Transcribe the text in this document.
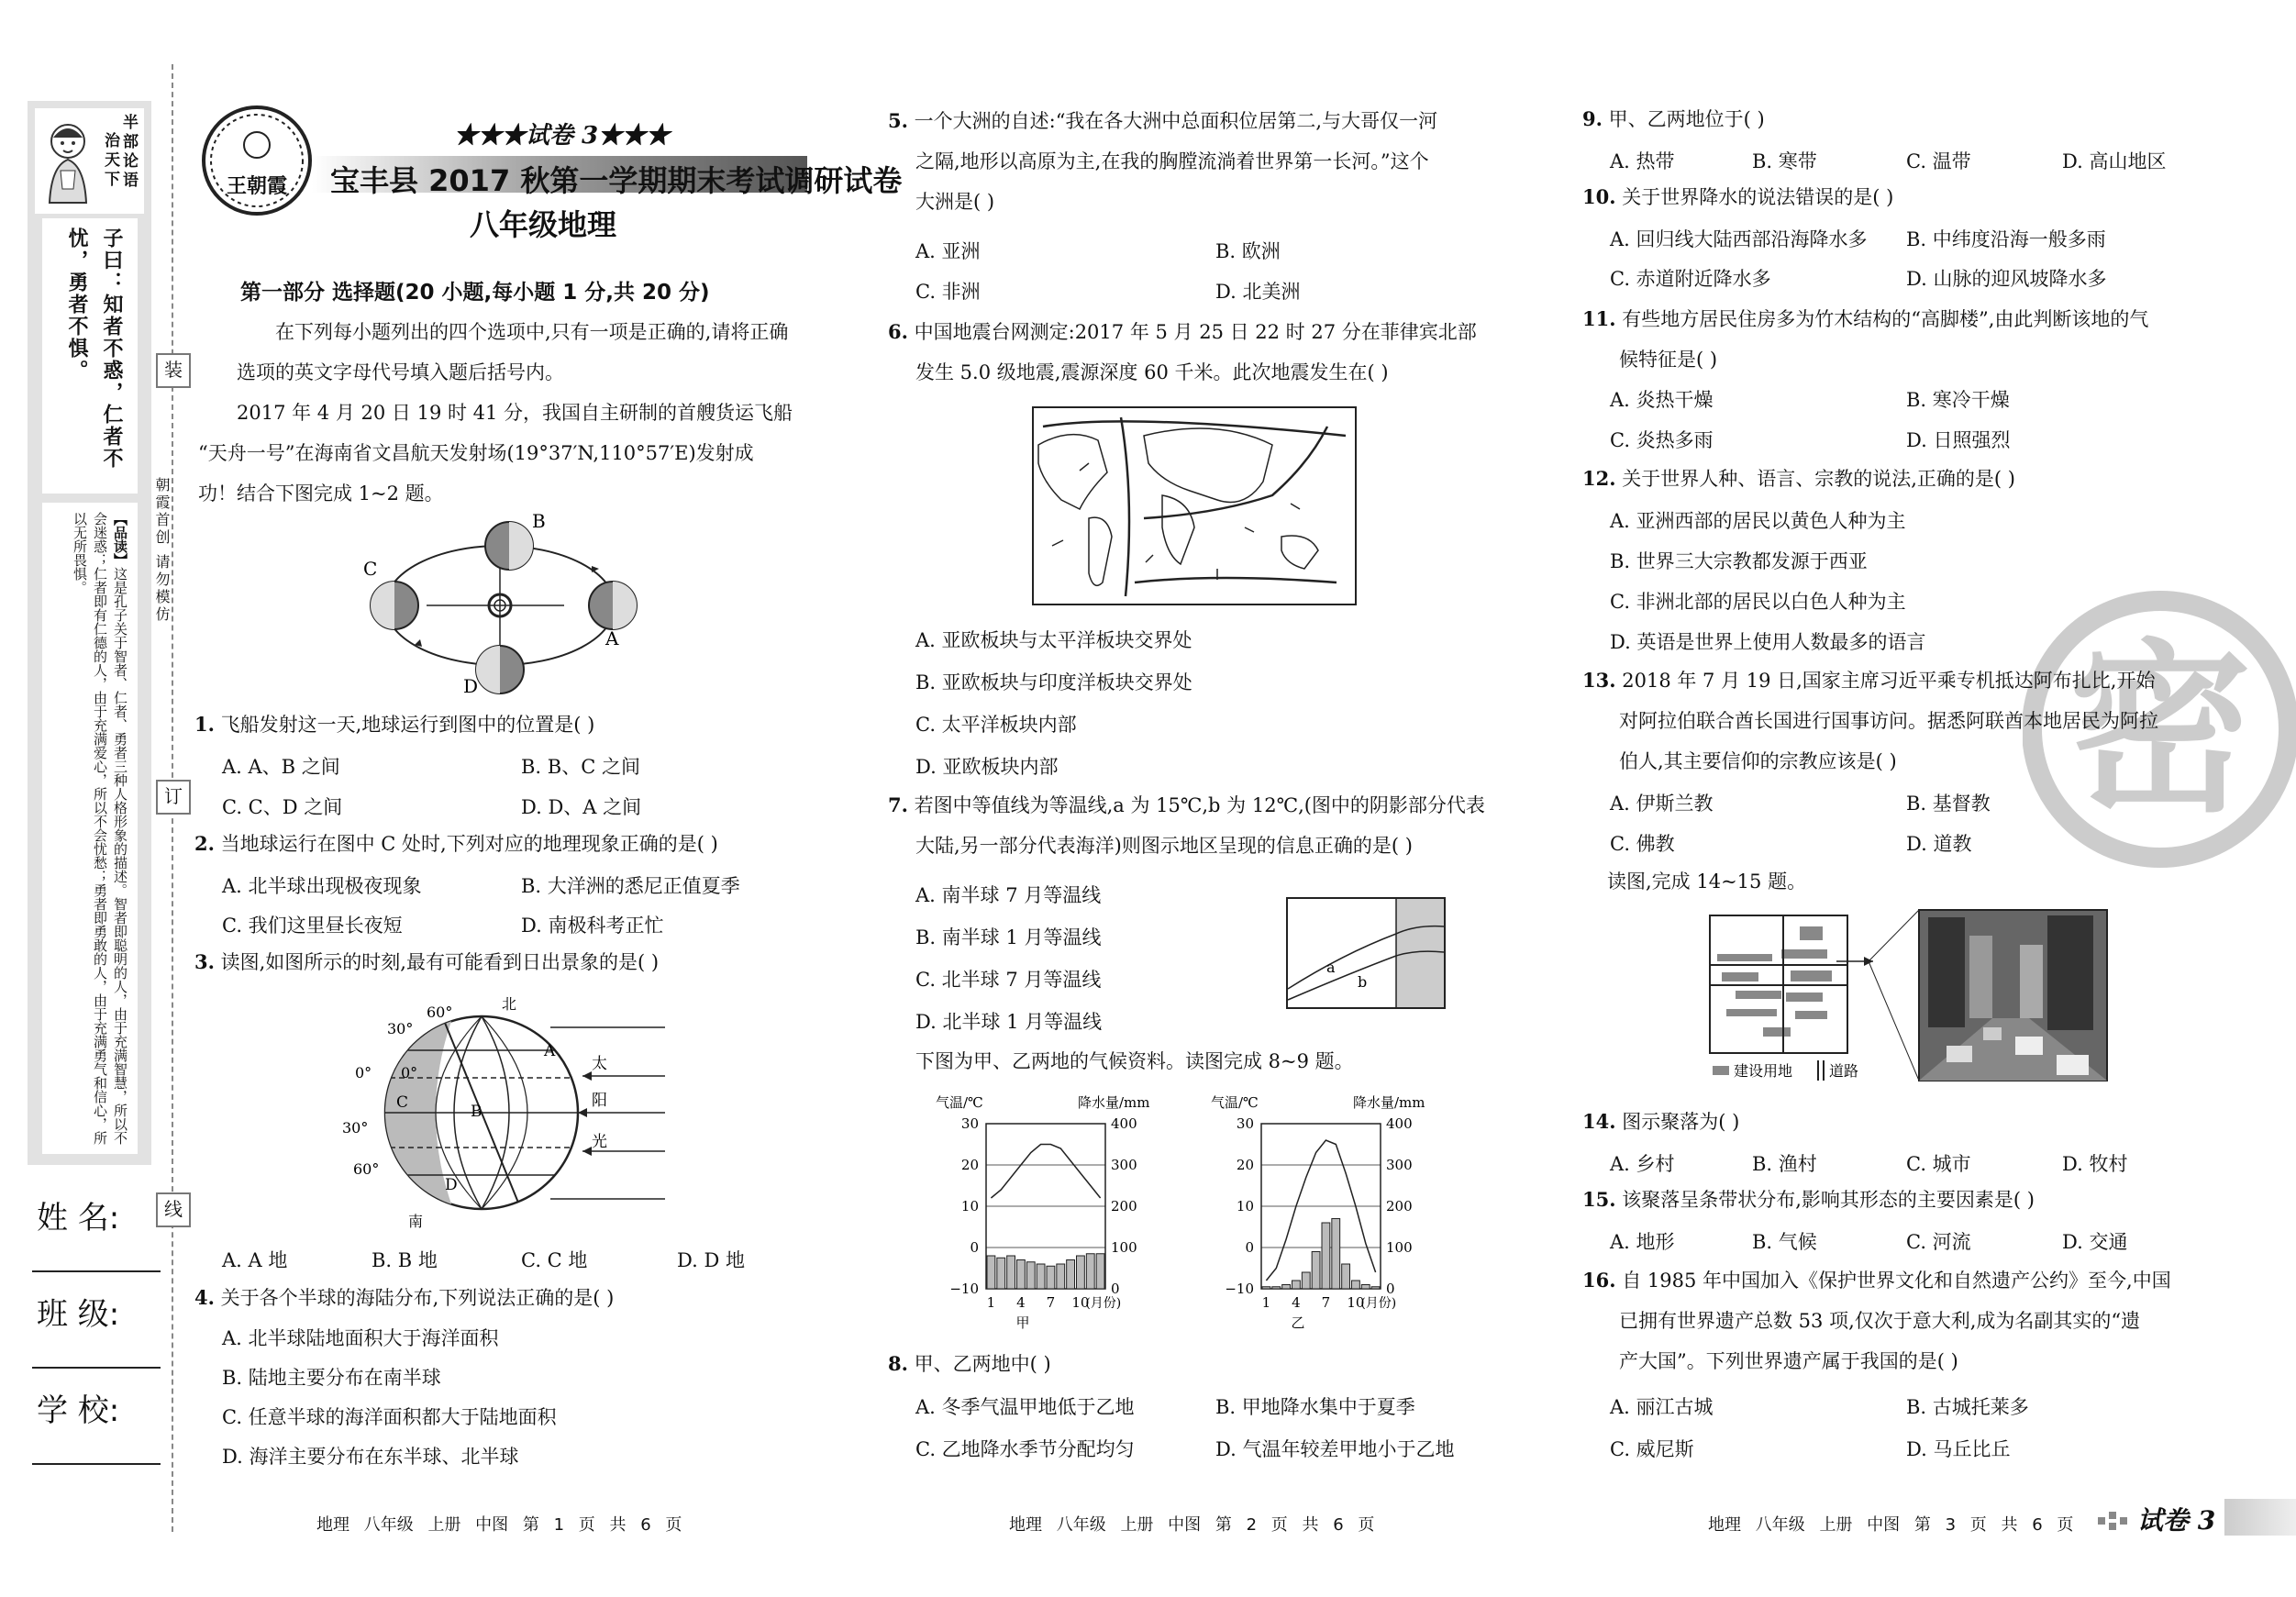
半部论语
治天下
子曰：知者不惑，仁者不忧，勇者不惧。
【品读】这是孔子关于智者、仁者、勇者三种人格形象的描述。智者即聪明的人，由于充满智慧，所以不会迷惑；仁者即有仁德的人，由于充满爱心，所以不会忧愁；勇者即勇敢的人，由于充满勇气和信心，所以无所畏惧。
装
订
线
朝霞首创 请勿模仿
姓 名:
班 级:
学 校:
王朝霞
★★★试卷 3★★★
宝丰县 2017 秋第一学期期末考试调研试卷
八年级地理
第一部分 选择题(20 小题,每小题 1 分,共 20 分)
在下列每小题列出的四个选项中,只有一项是正确的,请将正确
选项的英文字母代号填入题后括号内。
2017 年 4 月 20 日 19 时 41 分，我国自主研制的首艘货运飞船
“天舟一号”在海南省文昌航天发射场(19°37′N,110°57′E)发射成
功！结合下图完成 1~2 题。
B
C
A
D
1. 飞船发射这一天,地球运行到图中的位置是( )
A. A、B 之间	B. B、C 之间
C. C、D 之间	D. D、A 之间
2. 当地球运行在图中 C 处时,下列对应的地理现象正确的是( )
A. 北半球出现极夜现象	B. 大洋洲的悉尼正值夏季
C. 我们这里昼长夜短	D. 南极科考正忙
3. 读图,如图所示的时刻,最有可能看到日出景象的是( )
60°
30°
0° 0°
30°
60°
北
南
A
B
C
D
太
阳
光
A. A 地	B. B 地	C. C 地	D. D 地
4. 关于各个半球的海陆分布,下列说法正确的是( )
A. 北半球陆地面积大于海洋面积
B. 陆地主要分布在南半球
C. 任意半球的海洋面积都大于陆地面积
D. 海洋主要分布在东半球、北半球
地理 八年级 上册 中图 第 1 页 共 6 页
5. 一个大洲的自述:“我在各大洲中总面积位居第二,与大哥仅一河
之隔,地形以高原为主,在我的胸膛流淌着世界第一长河。”这个
大洲是( )
A. 亚洲	B. 欧洲
C. 非洲	D. 北美洲
6. 中国地震台网测定:2017 年 5 月 25 日 22 时 27 分在菲律宾北部
发生 5.0 级地震,震源深度 60 千米。此次地震发生在( )
A. 亚欧板块与太平洋板块交界处
B. 亚欧板块与印度洋板块交界处
C. 太平洋板块内部
D. 亚欧板块内部
7. 若图中等值线为等温线,a 为 15℃,b 为 12℃,(图中的阴影部分代表
大陆,另一部分代表海洋)则图示地区呈现的信息正确的是( )
A. 南半球 7 月等温线
B. 南半球 1 月等温线
C. 北半球 7 月等温线
D. 北半球 1 月等温线
a
b
下图为甲、乙两地的气候资料。读图完成 8~9 题。
气温/℃	降水量/mm
30
20
10
0
−10
400
300
200
100
0
1 4 7 10
(月份)
甲
气温/℃	降水量/mm
30
20
10
0
−10
400
300
200
100
0
1 4 7 10
(月份)
乙
8. 甲、乙两地中( )
A. 冬季气温甲地低于乙地	B. 甲地降水集中于夏季
C. 乙地降水季节分配均匀	D. 气温年较差甲地小于乙地
地理 八年级 上册 中图 第 2 页 共 6 页
密
9. 甲、乙两地位于( )
A. 热带	B. 寒带	C. 温带	D. 高山地区
10. 关于世界降水的说法错误的是( )
A. 回归线大陆西部沿海降水多 B. 中纬度沿海一般多雨
C. 赤道附近降水多	D. 山脉的迎风坡降水多
11. 有些地方居民住房多为竹木结构的“高脚楼”,由此判断该地的气
候特征是( )
A. 炎热干燥	B. 寒冷干燥
C. 炎热多雨	D. 日照强烈
12. 关于世界人种、语言、宗教的说法,正确的是( )
A. 亚洲西部的居民以黄色人种为主
B. 世界三大宗教都发源于西亚
C. 非洲北部的居民以白色人种为主
D. 英语是世界上使用人数最多的语言
13. 2018 年 7 月 19 日,国家主席习近平乘专机抵达阿布扎比,开始
对阿拉伯联合酋长国进行国事访问。据悉阿联酋本地居民为阿拉
伯人,其主要信仰的宗教应该是( )
A. 伊斯兰教	B. 基督教
C. 佛教	D. 道教
读图,完成 14~15 题。
建设用地 道路
14. 图示聚落为( )
A. 乡村	B. 渔村	C. 城市	D. 牧村
15. 该聚落呈条带状分布,影响其形态的主要因素是( )
A. 地形	B. 气候	C. 河流	D. 交通
16. 自 1985 年中国加入《保护世界文化和自然遗产公约》至今,中国
已拥有世界遗产总数 53 项,仅次于意大利,成为名副其实的“遗
产大国”。下列世界遗产属于我国的是( )
A. 丽江古城	B. 古城托莱多
C. 威尼斯	D. 马丘比丘
地理 八年级 上册 中图 第 3 页 共 6 页 试卷 3
